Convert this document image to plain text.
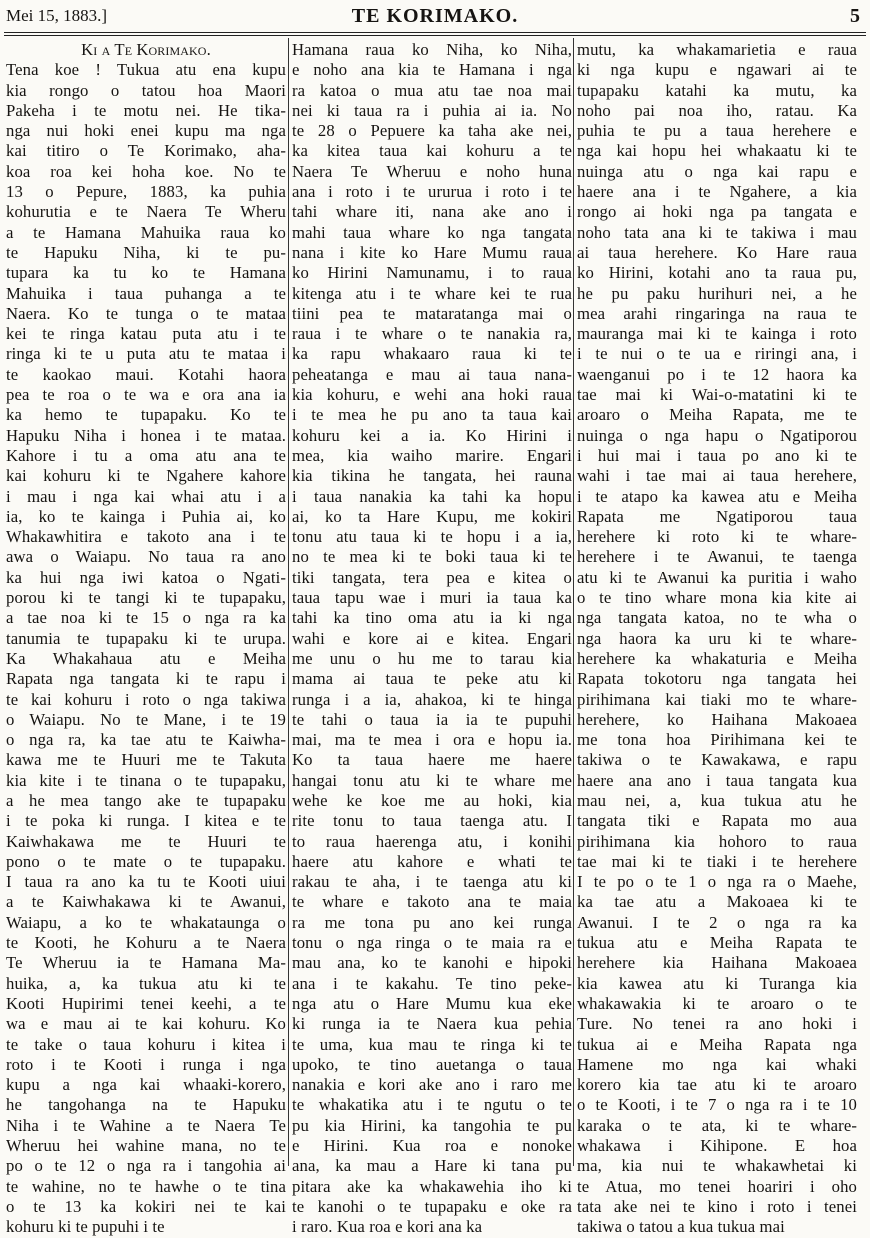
Mei 15, 1883.]	TE KORIMAKO.	5
Ki a Te Korimako.
Tena koe ! Tukua atu ena kupu
kia rongo o tatou hoa Maori
Pakeha i te motu nei. He tika-
nga nui hoki enei kupu ma nga
kai titiro o Te Korimako, aha-
koa roa kei hoha koe. No te
13 o Pepure, 1883, ka puhia
kohurutia e te Naera Te Wheru
a te Hamana Mahuika raua ko
te Hapuku Niha, ki te pu-
tupara ka tu ko te Hamana
Mahuika i taua puhanga a te
Naera. Ko te tunga o te mataa
kei te ringa katau puta atu i te
ringa ki te u puta atu te mataa i
te kaokao maui. Kotahi haora
pea te roa o te wa e ora ana ia
ka hemo te tupapaku. Ko te
Hapuku Niha i honea i te mataa.
Kahore i tu a oma atu ana te
kai kohuru ki te Ngahere kahore
i mau i nga kai whai atu i a
ia, ko te kainga i Puhia ai, ko
Whakawhitira e takoto ana i te
awa o Waiapu. No taua ra ano
ka hui nga iwi katoa o Ngati-
porou ki te tangi ki te tupapaku,
a tae noa ki te 15 o nga ra ka
tanumia te tupapaku ki te urupa.
Ka Whakahaua atu e Meiha
Rapata nga tangata ki te rapu i
te kai kohuru i roto o nga takiwa
o Waiapu. No te Mane, i te 19
o nga ra, ka tae atu te Kaiwha-
kawa me te Huuri me te Takuta
kia kite i te tinana o te tupapaku,
a he mea tango ake te tupapaku
i te poka ki runga. I kitea e te
Kaiwhakawa me te Huuri te
pono o te mate o te tupapaku.
I taua ra ano ka tu te Kooti uiui
a te Kaiwhakawa ki te Awanui,
Waiapu, a ko te whakataunga o
te Kooti, he Kohuru a te Naera
Te Wheruu ia te Hamana Ma-
huika, a, ka tukua atu ki te
Kooti Hupirimi tenei keehi, a te
wa e mau ai te kai kohuru. Ko
te take o taua kohuru i kitea i
roto i te Kooti i runga i nga
kupu a nga kai whaaki-korero,
he tangohanga na te Hapuku
Niha i te Wahine a te Naera Te
Wheruu hei wahine mana, no te
po o te 12 o nga ra i tangohia ai
te wahine, no te hawhe o te tina
o te 13 ka kokiri nei te kai
kohuru ki te pupuhi i te
Hamana raua ko Niha, ko Niha,
e noho ana kia te Hamana i nga
ra katoa o mua atu tae noa mai
nei ki taua ra i puhia ai ia. No
te 28 o Pepuere ka taha ake nei,
ka kitea taua kai kohuru a te
Naera Te Wheruu e noho huna
ana i roto i te ururua i roto i te
tahi whare iti, nana ake ano i
mahi taua whare ko nga tangata
nana i kite ko Hare Mumu raua
ko Hirini Namunamu, i to raua
kitenga atu i te whare kei te rua
tiini pea te mataratanga mai o
raua i te whare o te nanakia ra,
ka rapu whakaaro raua ki te
peheatanga e mau ai taua nana-
kia kohuru, e wehi ana hoki raua
i te mea he pu ano ta taua kai
kohuru kei a ia. Ko Hirini i
mea, kia waiho marire. Engari
kia tikina he tangata, hei rauna
i taua nanakia ka tahi ka hopu
ai, ko ta Hare Kupu, me kokiri
tonu atu taua ki te hopu i a ia,
no te mea ki te boki taua ki te
tiki tangata, tera pea e kitea o
taua tapu wae i muri ia taua ka
tahi ka tino oma atu ia ki nga
wahi e kore ai e kitea. Engari
me unu o hu me to tarau kia
mama ai taua te peke atu ki
runga i a ia, ahakoa, ki te hinga
te tahi o taua ia ia te pupuhi
mai, ma te mea i ora e hopu ia.
Ko ta taua haere me haere
hangai tonu atu ki te whare me
wehe ke koe me au hoki, kia
rite tonu to taua taenga atu. I
to raua haerenga atu, i konihi
haere atu kahore e whati te
rakau te aha, i te taenga atu ki
te whare e takoto ana te maia
ra me tona pu ano kei runga
tonu o nga ringa o te maia ra e
mau ana, ko te kanohi e hipoki
ana i te kakahu. Te tino peke-
nga atu o Hare Mumu kua eke
ki runga ia te Naera kua pehia
te uma, kua mau te ringa ki te
upoko, te tino auetanga o taua
nanakia e kori ake ano i raro me
te whakatika atu i te ngutu o te
pu kia Hirini, ka tangohia te pu
e Hirini. Kua roa e nonoke
ana, ka mau a Hare ki tana pu
pitara ake ka whakawehia iho ki
te kanohi o te tupapaku e oke ra
i raro. Kua roa e kori ana ka
mutu, ka whakamarietia e raua
ki nga kupu e ngawari ai te
tupapaku katahi ka mutu, ka
noho pai noa iho, ratau. Ka
puhia te pu a taua herehere e
nga kai hopu hei whakaatu ki te
nuinga atu o nga kai rapu e
haere ana i te Ngahere, a kia
rongo ai hoki nga pa tangata e
noho tata ana ki te takiwa i mau
ai taua herehere. Ko Hare raua
ko Hirini, kotahi ano ta raua pu,
he pu paku hurihuri nei, a he
mea arahi ringaringa na raua te
mauranga mai ki te kainga i roto
i te nui o te ua e riringi ana, i
waenganui po i te 12 haora ka
tae mai ki Wai-o-matatini ki te
aroaro o Meiha Rapata, me te
nuinga o nga hapu o Ngatiporou
i hui mai i taua po ano ki te
wahi i tae mai ai taua herehere,
i te atapo ka kawea atu e Meiha
Rapata me Ngatiporou taua
herehere ki roto ki te whare-
herehere i te Awanui, te taenga
atu ki te Awanui ka puritia i waho
o te tino whare mona kia kite ai
nga tangata katoa, no te wha o
nga haora ka uru ki te whare-
herehere ka whakaturia e Meiha
Rapata tokotoru nga tangata hei
pirihimana kai tiaki mo te whare-
herehere, ko Haihana Makoaea
me tona hoa Pirihimana kei te
takiwa o te Kawakawa, e rapu
haere ana ano i taua tangata kua
mau nei, a, kua tukua atu he
tangata tiki e Rapata mo aua
pirihimana kia hohoro to raua
tae mai ki te tiaki i te herehere
I te po o te 1 o nga ra o Maehe,
ka tae atu a Makoaea ki te
Awanui. I te 2 o nga ra ka
tukua atu e Meiha Rapata te
herehere kia Haihana Makoaea
kia kawea atu ki Turanga kia
whakawakia ki te aroaro o te
Ture. No tenei ra ano hoki i
tukua ai e Meiha Rapata nga
Hamene mo nga kai whaki
korero kia tae atu ki te aroaro
o te Kooti, i te 7 o nga ra i te 10
karaka o te ata, ki te whare-
whakawa i Kihipone. E hoa
ma, kia nui te whakawhetai ki
te Atua, mo tenei hoariri i oho
tata ake nei te kino i roto i tenei
takiwa o tatou a kua tukua mai
